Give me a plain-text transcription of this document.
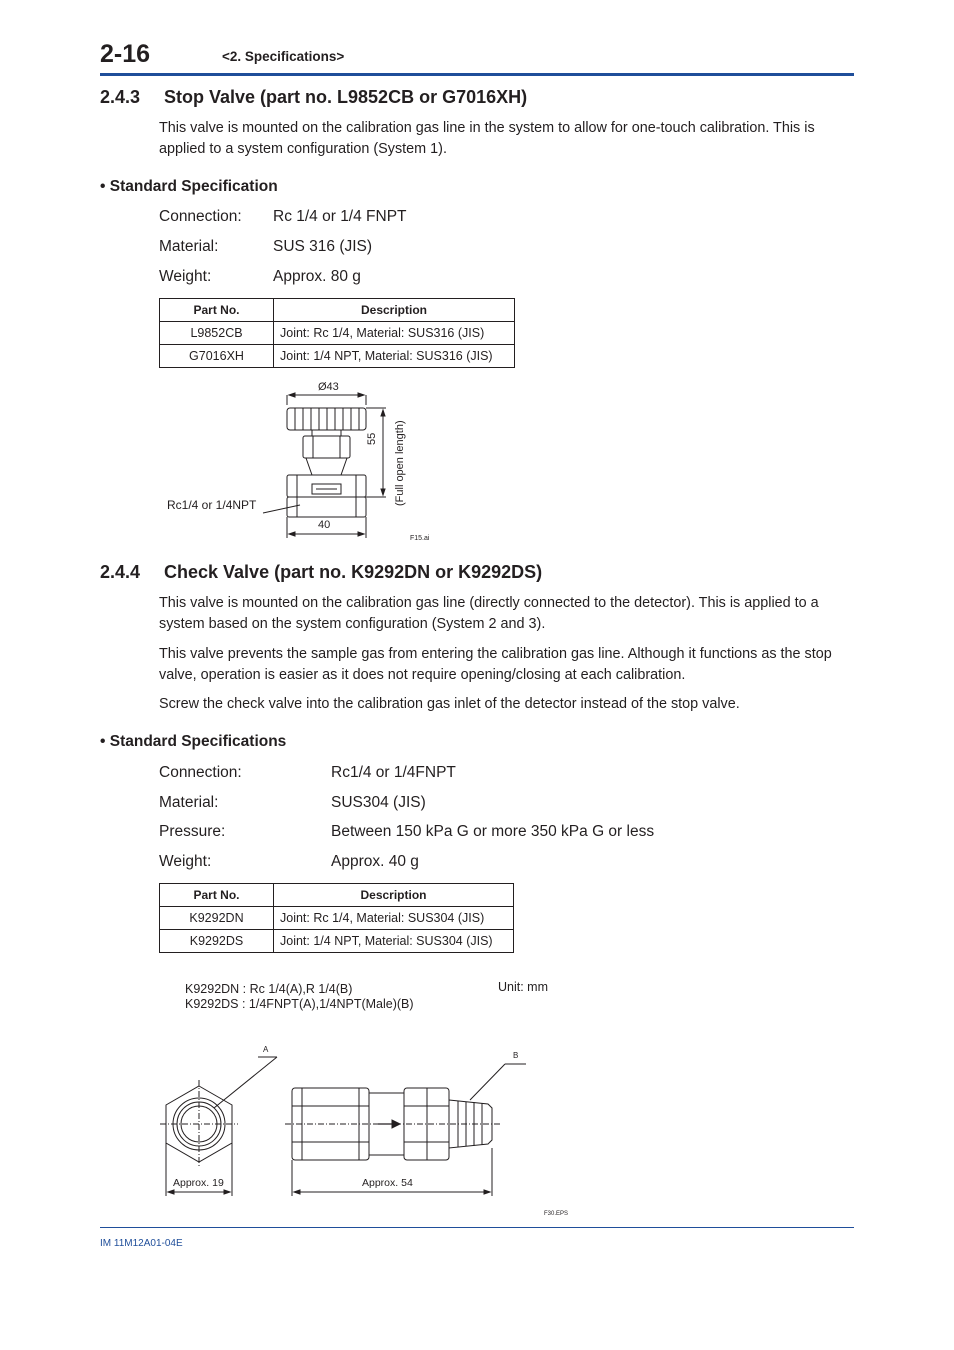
2-16	<2. Specifications>
2.4.3 Stop Valve (part no. L9852CB or G7016XH)
This valve is mounted on the calibration gas line in the system to allow for one-touch calibration. This is applied to a system configuration (System 1).
• Standard Specification
Connection: Rc 1/4 or 1/4 FNPT
Material:	SUS 316 (JIS)
Weight:	Approx. 80 g
Part No.	Description
L9852CB	Joint: Rc 1/4, Material: SUS316 (JIS)
G7016XH	Joint: 1/4 NPT, Material: SUS316 (JIS)
Ø43
55 (Full open length)
Rc1/4 or 1/4NPT
40
F15.ai
2.4.4 Check Valve (part no. K9292DN or K9292DS)
This valve is mounted on the calibration gas line (directly connected to the detector). This is applied to a system based on the system configuration (System 2 and 3).
This valve prevents the sample gas from entering the calibration gas line. Although it functions as the stop valve, operation is easier as it does not require opening/closing at each calibration.
Screw the check valve into the calibration gas inlet of the detector instead of the stop valve.
• Standard Specifications
Connection:	Rc1/4 or 1/4FNPT
Material:	SUS304 (JIS)
Pressure:	Between 150 kPa G or more 350 kPa G or less
Weight:	Approx. 40 g
Part No.	Description
K9292DN	Joint: Rc 1/4, Material: SUS304 (JIS)
K9292DS	Joint: 1/4 NPT, Material: SUS304 (JIS)
K9292DN : Rc 1/4(A),R 1/4(B)
K9292DS : 1/4FNPT(A),1/4NPT(Male)(B)
Unit: mm
A
B
Approx. 19	Approx. 54
F30.EPS
IM 11M12A01-04E
